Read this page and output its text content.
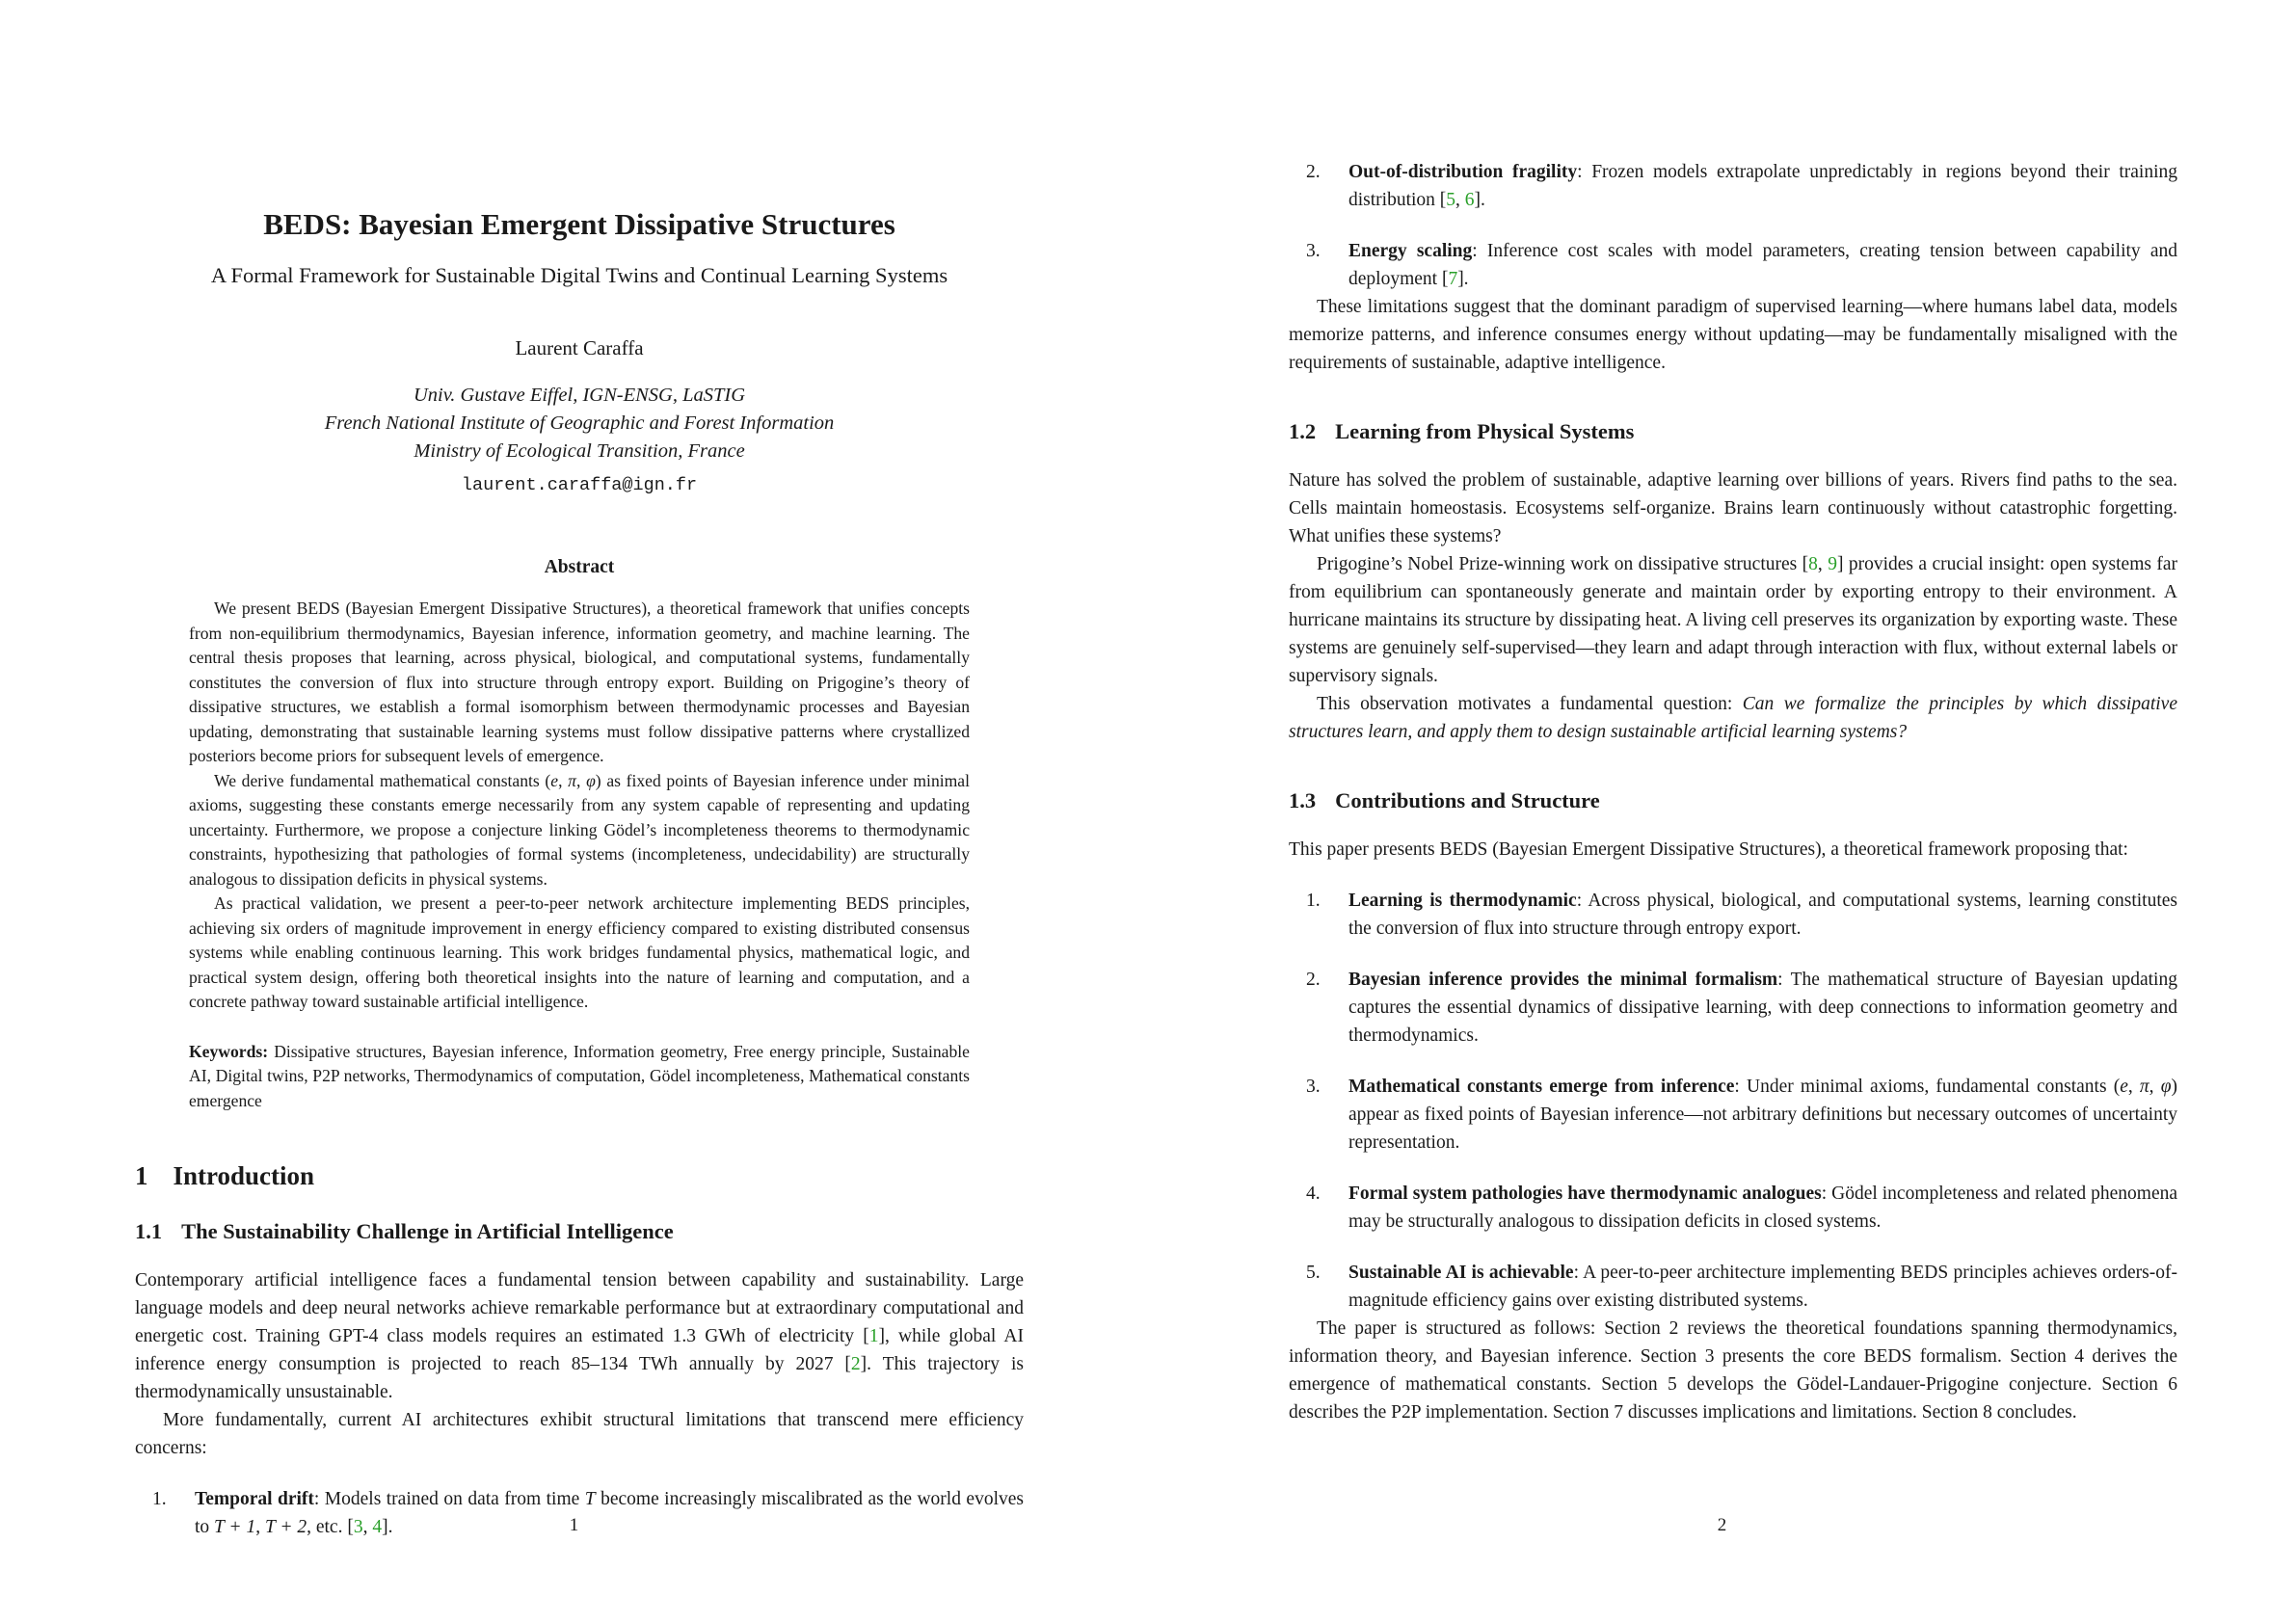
BEDS: Bayesian Emergent Dissipative Structures
A Formal Framework for Sustainable Digital Twins and Continual Learning Systems
Laurent Caraffa

Univ. Gustave Eiffel, IGN-ENSG, LaSTIG

French National Institute of Geographic and Forest Information

Ministry of Ecological Transition, France

laurent.caraffa@ign.fr
Abstract

We present BEDS (Bayesian Emergent Dissipative Structures), a theoretical framework that unifies concepts from non-equilibrium thermodynamics, Bayesian inference, information geometry, and machine learning. The central thesis proposes that learning, across physical, biological, and computational systems, fundamentally constitutes the conversion of flux into structure through entropy export. Building on Prigogine’s theory of dissipative structures, we establish a formal isomorphism between thermodynamic processes and Bayesian updating, demonstrating that sustainable learning systems must follow dissipative patterns where crystallized posteriors become priors for subsequent levels of emergence.

We derive fundamental mathematical constants (e, π, φ) as fixed points of Bayesian inference under minimal axioms, suggesting these constants emerge necessarily from any system capable of representing and updating uncertainty. Furthermore, we propose a conjecture linking Gödel’s incompleteness theorems to thermodynamic constraints, hypothesizing that pathologies of formal systems (incompleteness, undecidability) are structurally analogous to dissipation deficits in physical systems.

As practical validation, we present a peer-to-peer network architecture implementing BEDS principles, achieving six orders of magnitude improvement in energy efficiency compared to existing distributed consensus systems while enabling continuous learning. This work bridges fundamental physics, mathematical logic, and practical system design, offering both theoretical insights into the nature of learning and computation, and a concrete pathway toward sustainable artificial intelligence.

Keywords: Dissipative structures, Bayesian inference, Information geometry, Free energy principle, Sustainable AI, Digital twins, P2P networks, Thermodynamics of computation, Gödel incompleteness, Mathematical constants emergence

1 Introduction
1.1 The Sustainability Challenge in Artificial Intelligence

Contemporary artificial intelligence faces a fundamental tension between capability and sustainability. Large language models and deep neural networks achieve remarkable performance but at extraordinary computational and energetic cost. Training GPT-4 class models requires an estimated 1.3 GWh of electricity [1], while global AI inference energy consumption is projected to reach 85–134 TWh annually by 2027 [2]. This trajectory is thermodynamically unsustainable.

More fundamentally, current AI architectures exhibit structural limitations that transcend mere efficiency concerns:

1. Temporal drift: Models trained on data from time T become increasingly miscalibrated as the world evolves to T + 1, T + 2, etc. [3, 4].	1
2. Out-of-distribution fragility: Frozen models extrapolate unpredictably in regions beyond their training distribution [5, 6].
3. Energy scaling: Inference cost scales with model parameters, creating tension between capability and deployment [7].

These limitations suggest that the dominant paradigm of supervised learning—where humans label data, models memorize patterns, and inference consumes energy without updating—may be fundamentally misaligned with the requirements of sustainable, adaptive intelligence.

1.2 Learning from Physical Systems

Nature has solved the problem of sustainable, adaptive learning over billions of years. Rivers find paths to the sea. Cells maintain homeostasis. Ecosystems self-organize. Brains learn continuously without catastrophic forgetting. What unifies these systems?

Prigogine’s Nobel Prize-winning work on dissipative structures [8, 9] provides a crucial insight: open systems far from equilibrium can spontaneously generate and maintain order by exporting entropy to their environment. A hurricane maintains its structure by dissipating heat. A living cell preserves its organization by exporting waste. These systems are genuinely self-supervised—they learn and adapt through interaction with flux, without external labels or supervisory signals.

This observation motivates a fundamental question: Can we formalize the principles by which dissipative structures learn, and apply them to design sustainable artificial learning systems?

1.3 Contributions and Structure

This paper presents BEDS (Bayesian Emergent Dissipative Structures), a theoretical framework proposing that:

1. Learning is thermodynamic: Across physical, biological, and computational systems, learning constitutes the conversion of flux into structure through entropy export.
2. Bayesian inference provides the minimal formalism: The mathematical structure of Bayesian updating captures the essential dynamics of dissipative learning, with deep connections to information geometry and thermodynamics.
3. Mathematical constants emerge from inference: Under minimal axioms, fundamental constants (e, π, φ) appear as fixed points of Bayesian inference—not arbitrary definitions but necessary outcomes of uncertainty representation.
4. Formal system pathologies have thermodynamic analogues: Gödel incompleteness and related phenomena may be structurally analogous to dissipation deficits in closed systems.
5. Sustainable AI is achievable: A peer-to-peer architecture implementing BEDS principles achieves orders-of-magnitude efficiency gains over existing distributed systems.

The paper is structured as follows: Section 2 reviews the theoretical foundations spanning thermodynamics, information theory, and Bayesian inference. Section 3 presents the core BEDS formalism. Section 4 derives the emergence of mathematical constants. Section 5 develops the Gödel-Landauer-Prigogine conjecture. Section 6 describes the P2P implementation. Section 7 discusses implications and limitations. Section 8 concludes.

2
